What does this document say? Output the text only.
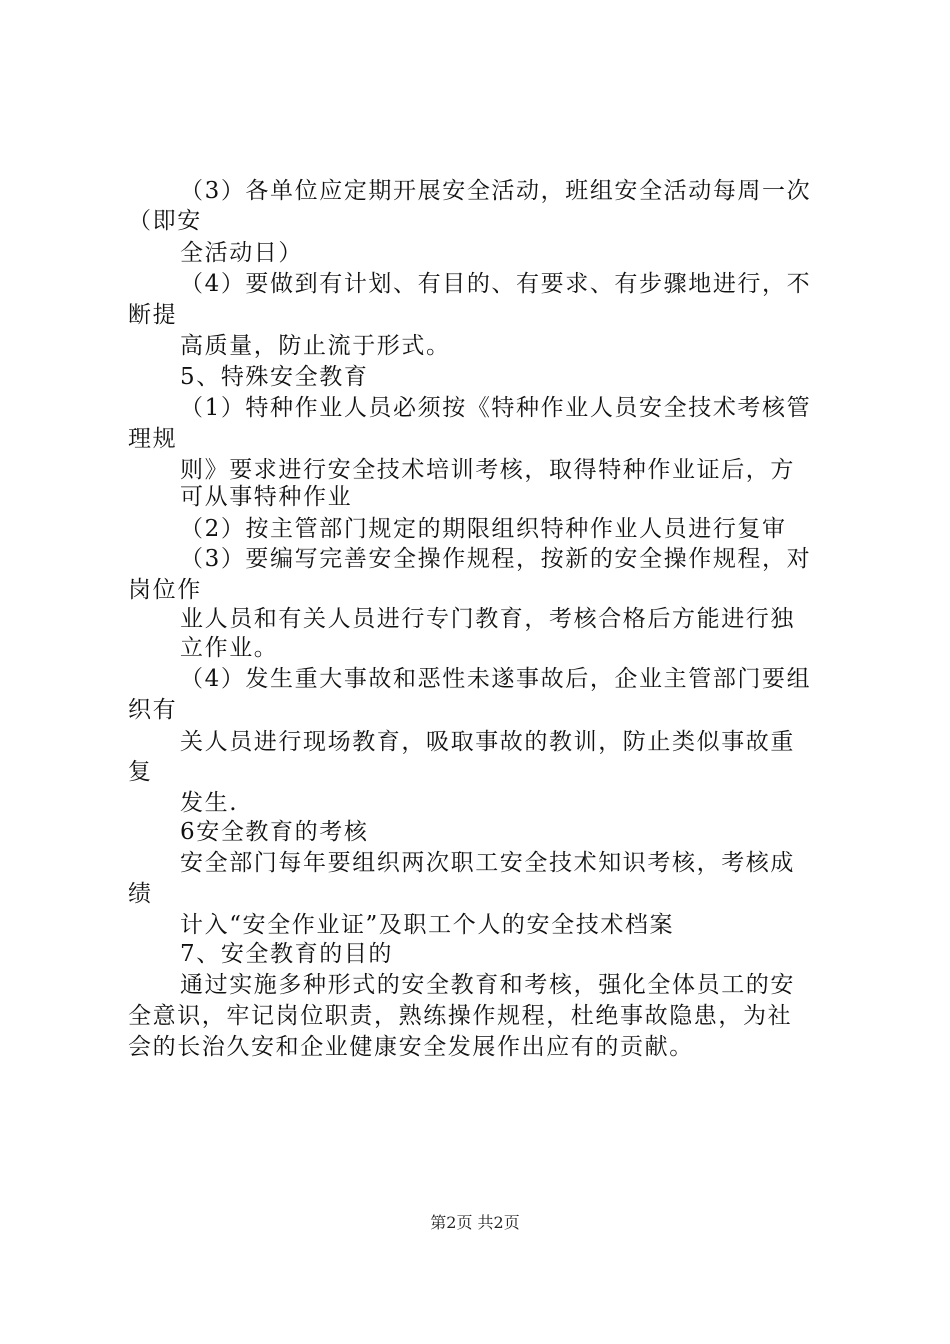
（3）各单位应定期开展安全活动，班组安全活动每周一次
（即安
全活动日）
（4）要做到有计划、有目的、有要求、有步骤地进行，不
断提
高质量，防止流于形式。
5、特殊安全教育
（1）特种作业人员必须按《特种作业人员安全技术考核管
理规
则》要求进行安全技术培训考核，取得特种作业证后，方
可从事特种作业
（2）按主管部门规定的期限组织特种作业人员进行复审
（3）要编写完善安全操作规程，按新的安全操作规程，对
岗位作
业人员和有关人员进行专门教育，考核合格后方能进行独
立作业。
（4）发生重大事故和恶性未遂事故后，企业主管部门要组
织有
关人员进行现场教育，吸取事故的教训，防止类似事故重
复
发生.
6安全教育的考核
安全部门每年要组织两次职工安全技术知识考核，考核成
绩
计入“安全作业证”及职工个人的安全技术档案
7、安全教育的目的
通过实施多种形式的安全教育和考核，强化全体员工的安
全意识，牢记岗位职责，熟练操作规程，杜绝事故隐患，为社
会的长治久安和企业健康安全发展作出应有的贡献。
第2页 共2页
